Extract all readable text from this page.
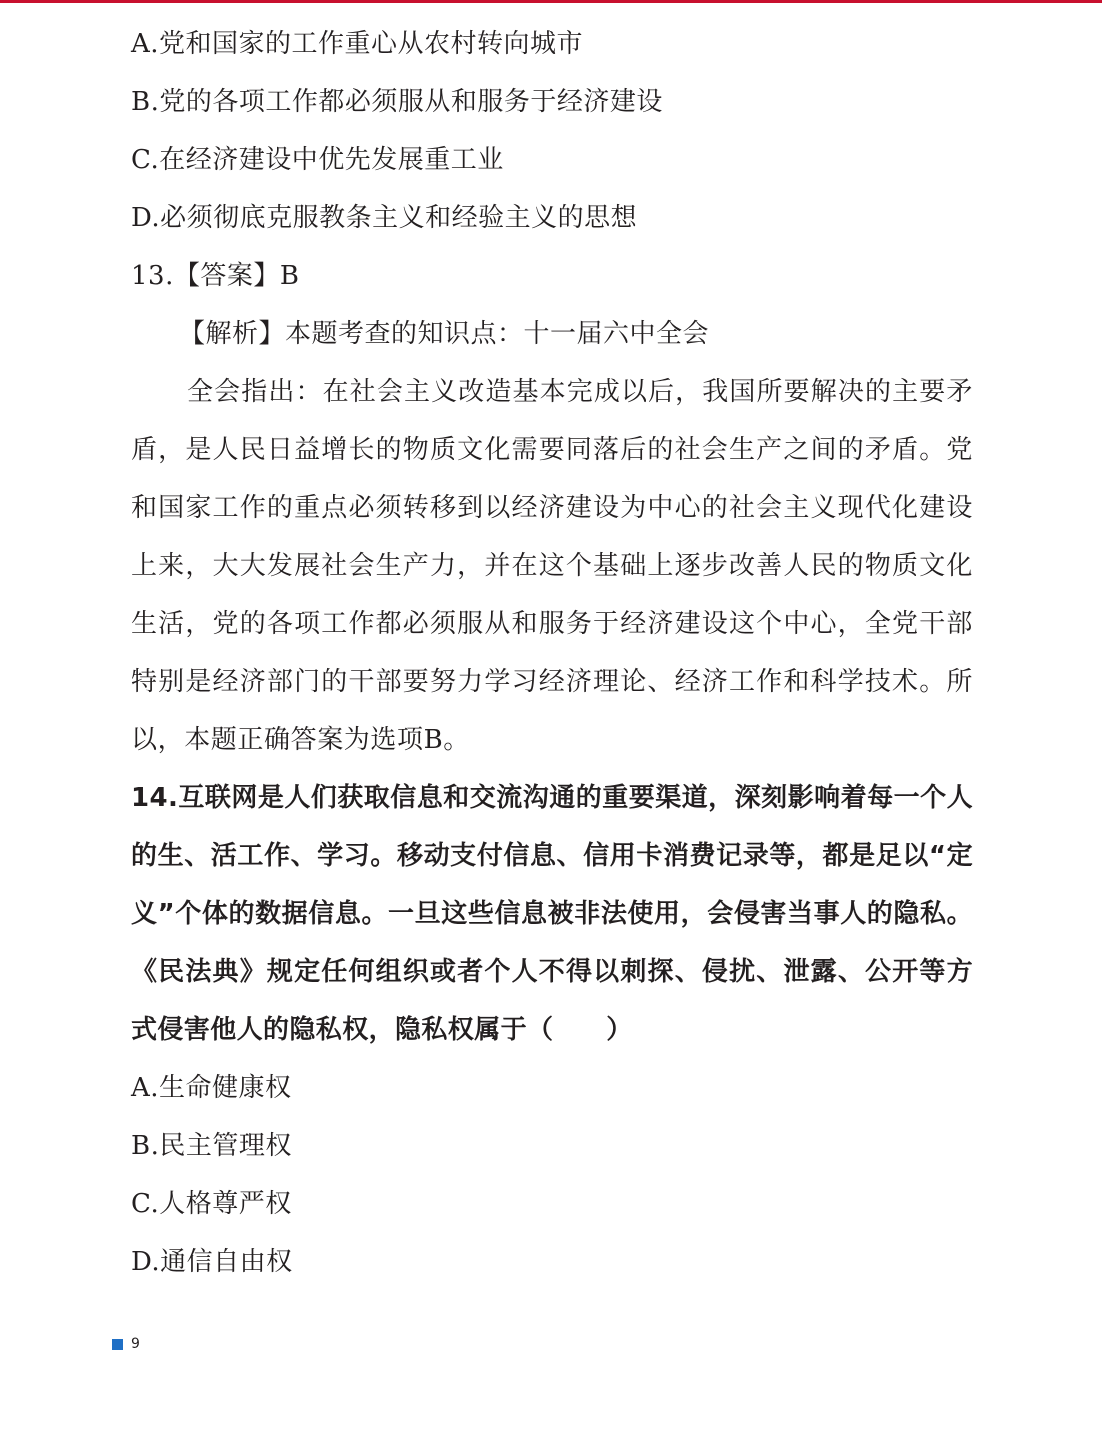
A.党和国家的工作重心从农村转向城市
B.党的各项工作都必须服从和服务于经济建设
C.在经济建设中优先发展重工业
D.必须彻底克服教条主义和经验主义的思想
13.【答案】B
【解析】本题考查的知识点：十一届六中全会
全会指出：在社会主义改造基本完成以后，我国所要解决的主要矛盾，是人民日益增长的物质文化需要同落后的社会生产之间的矛盾。党和国家工作的重点必须转移到以经济建设为中心的社会主义现代化建设上来，大大发展社会生产力，并在这个基础上逐步改善人民的物质文化生活，党的各项工作都必须服从和服务于经济建设这个中心，全党干部特别是经济部门的干部要努力学习经济理论、经济工作和科学技术。所以，本题正确答案为选项B。
14.互联网是人们获取信息和交流沟通的重要渠道，深刻影响着每一个人的生、活工作、学习。移动支付信息、信用卡消费记录等，都是足以“定义”个体的数据信息。一旦这些信息被非法使用，会侵害当事人的隐私。《民法典》规定任何组织或者个人不得以刺探、侵扰、泄露、公开等方式侵害他人的隐私权，隐私权属于（　　）
A.生命健康权
B.民主管理权
C.人格尊严权
D.通信自由权
9
